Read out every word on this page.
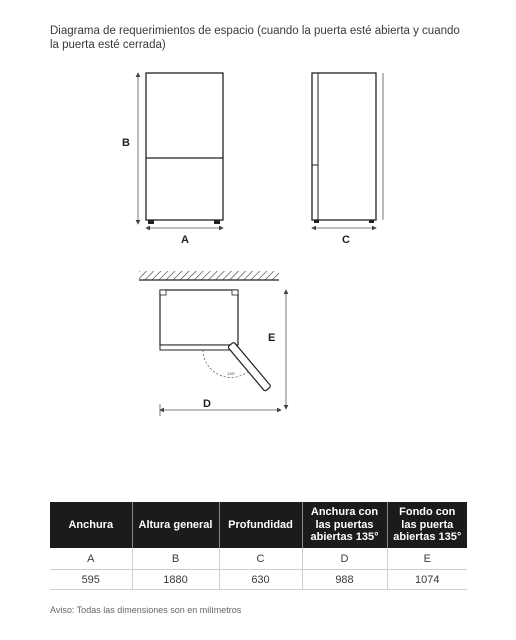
Diagrama de requerimientos de espacio (cuando la puerta esté abierta y cuando la puerta esté cerrada)
B
A	C
135°
E
D
Anchura	Altura general	Profundidad	Anchura con las puertas abiertas 135°	Fondo con las puerta abiertas 135°
A	B	C	D	E
595	1880	630	988	1074
Aviso: Todas las dimensiones son en milímetros
